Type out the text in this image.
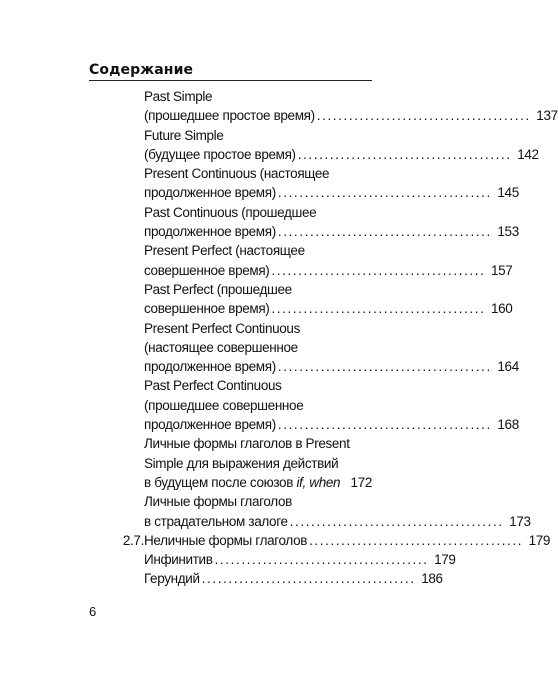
Содержание
Past Simple
(прошедшее простое время) ........................................ 137
Future Simple
(будущее простое время) ........................................ 142
Present Continuous (настоящее
продолженное время) ........................................ 145
Past Continuous (прошедшее
продолженное время) ........................................ 153
Present Perfect (настоящее
совершенное время) ........................................ 157
Past Perfect (прошедшее
совершенное время) ........................................ 160
Present Perfect Continuous
(настоящее совершенное
продолженное время) ........................................ 164
Past Perfect Continuous
(прошедшее совершенное
продолженное время) ........................................ 168
Личные формы глаголов в Present
Simple для выражения действий
в будущем после союзов
if, when 172
Личные формы глаголов
в страдательном залоге ........................................ 173
2.7. Неличные формы глаголов ........................................ 179
Инфинитив ........................................ 179
Герундий ........................................ 186
6
